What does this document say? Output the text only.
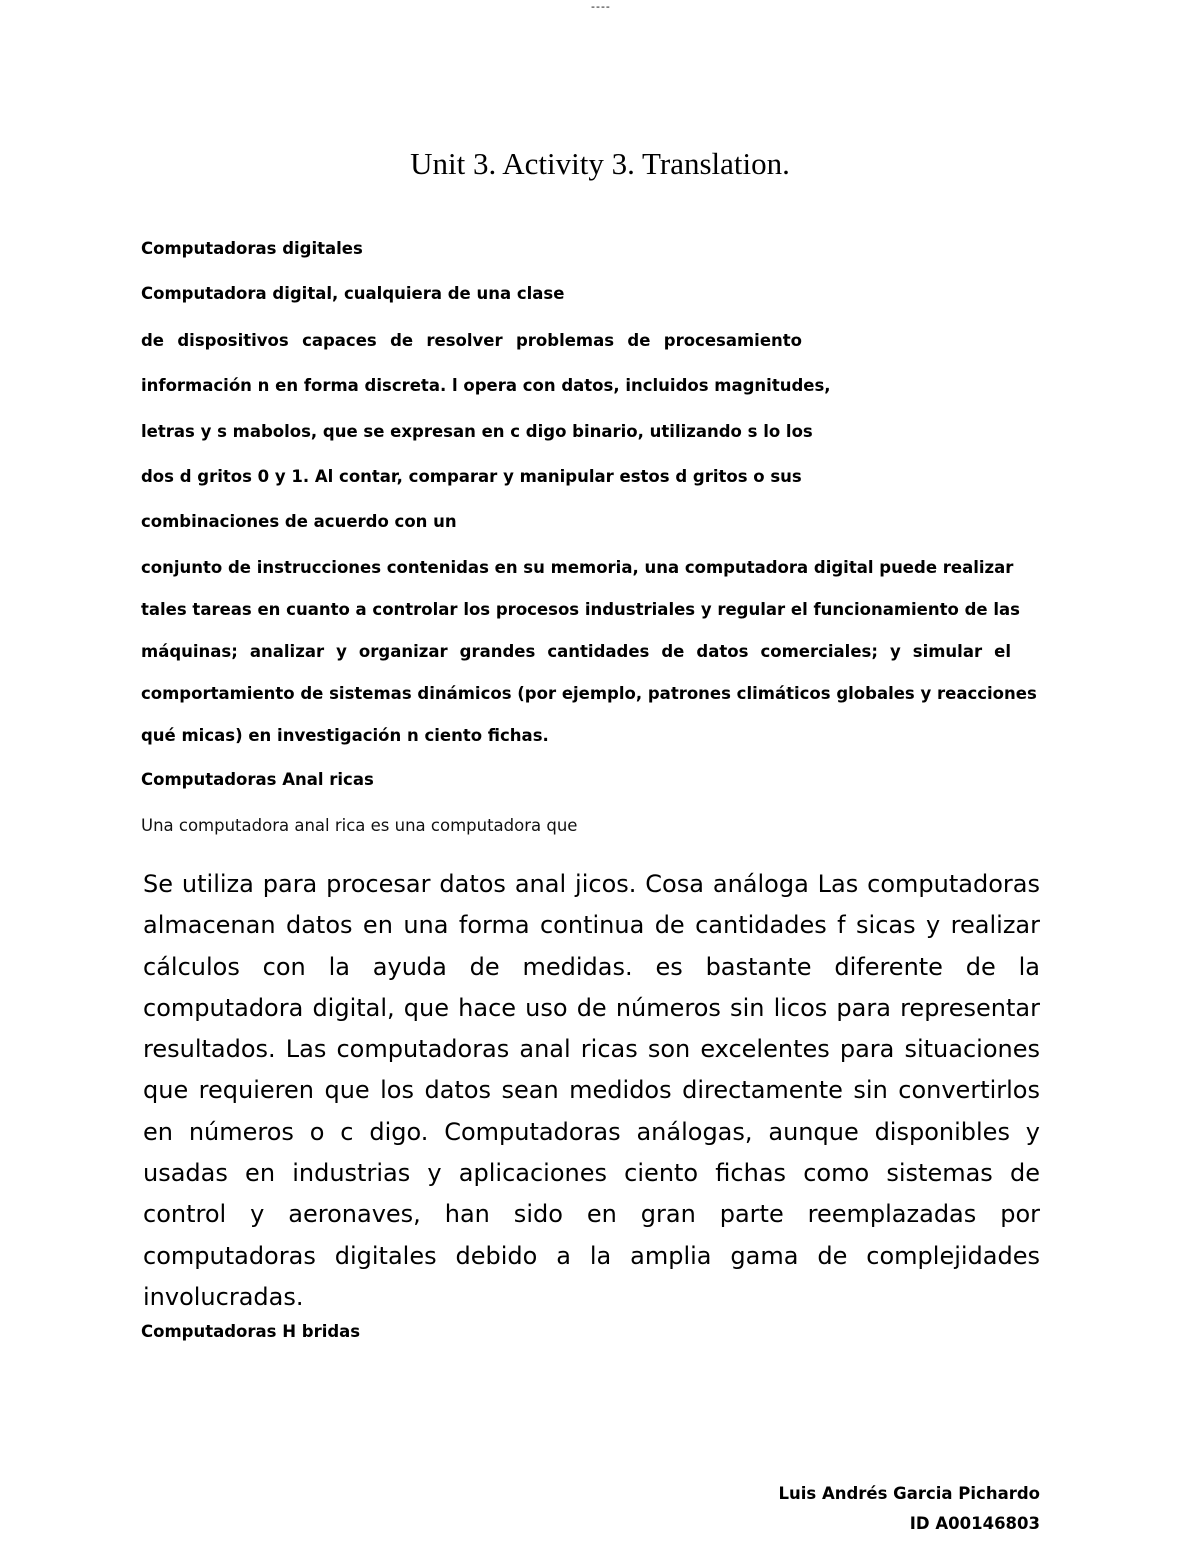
----
Unit 3. Activity 3. Translation.

Computadoras digitales

Computadora digital, cualquiera de una clase

de dispositivos capaces de resolver problemas de procesamiento

información n en forma discreta. l opera con datos, incluidos magnitudes,

letras y s mabolos, que se expresan en c digo binario, utilizando s lo los

dos d gritos 0 y 1. Al contar, comparar y manipular estos d gritos o sus

combinaciones de acuerdo con un

conjunto de instrucciones contenidas en su memoria, una computadora digital puede realizar

tales tareas en cuanto a controlar los procesos industriales y regular el funcionamiento de las

máquinas; analizar y organizar grandes cantidades de datos comerciales; y simular el

comportamiento de sistemas dinámicos (por ejemplo, patrones climáticos globales y reacciones

qué micas) en investigación n ciento fichas.

Computadoras Anal ricas

Una computadora anal rica es una computadora que

Se utiliza para procesar datos anal jicos. Cosa análoga Las computadoras almacenan datos en una forma continua de cantidades f sicas y realizar cálculos con la ayuda de medidas. es bastante diferente de la computadora digital, que hace uso de números sin licos para representar resultados. Las computadoras anal ricas son excelentes para situaciones que requieren que los datos sean medidos directamente sin convertirlos en números o c digo. Computadoras análogas, aunque disponibles y usadas en industrias y aplicaciones ciento fichas como sistemas de control y aeronaves, han sido en gran parte reemplazadas por computadoras digitales debido a la amplia gama de complejidades involucradas.

Computadoras H bridas

Luis Andrés Garcia Pichardo

ID A00146803
